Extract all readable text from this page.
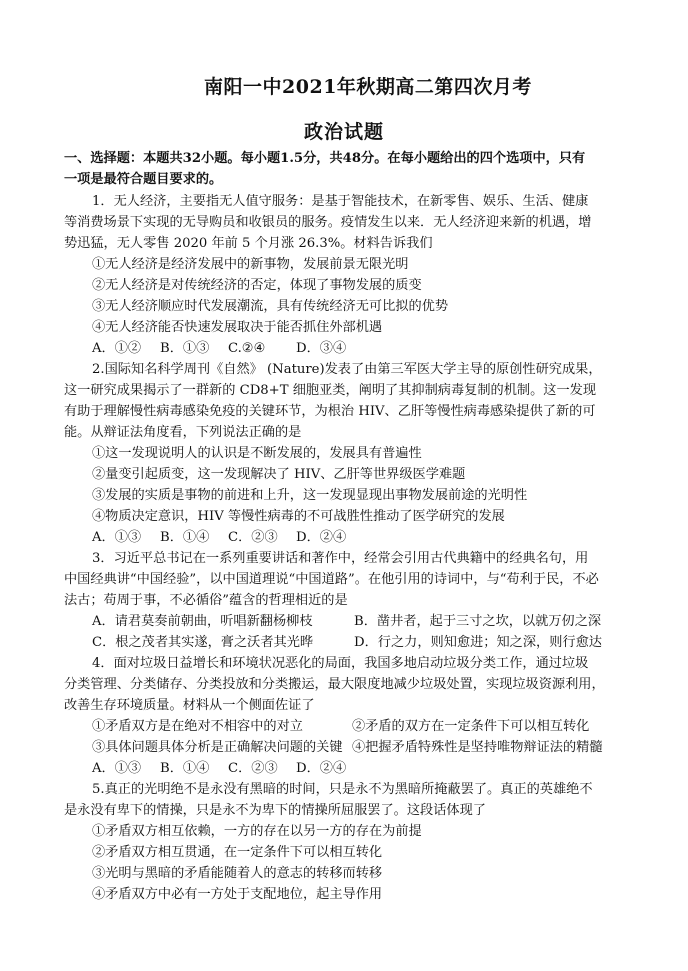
南阳一中2021年秋期高二第四次月考
政治试题
一、选择题：本题共32小题。每小题1.5分，共48分。在每小题给出的四个选项中，只有
一项是最符合题目要求的。
1．无人经济，主要指无人值守服务：是基于智能技术，在新零售、娱乐、生活、健康
等消费场景下实现的无导购员和收银员的服务。疫情发生以来．无人经济迎来新的机遇，增
势迅猛，无人零售 2020 年前 5 个月涨 26.3%。材料告诉我们
①无人经济是经济发展中的新事物，发展前景无限光明
②无人经济是对传统经济的否定，体现了事物发展的质变
③无人经济顺应时代发展潮流，具有传统经济无可比拟的优势
④无人经济能否快速发展取决于能否抓住外部机遇
A．①② B．①③ C.②④ D．③④
2.国际知名科学周刊《自然》 (Nature)发表了由第三军医大学主导的原创性研究成果，
这一研究成果揭示了一群新的 CD8+T 细胞亚类，阐明了其抑制病毒复制的机制。这一发现
有助于理解慢性病毒感染免疫的关键环节，为根治 HIV、乙肝等慢性病毒感染提供了新的可
能。从辩证法角度看，下列说法正确的是
①这一发现说明人的认识是不断发展的，发展具有普遍性
②量变引起质变，这一发现解决了 HIV、乙肝等世界级医学难题
③发展的实质是事物的前进和上升，这一发现显现出事物发展前途的光明性
④物质决定意识，HIV 等慢性病毒的不可战胜性推动了医学研究的发展
A．①③ B．①④ C．②③ D．②④
3．习近平总书记在一系列重要讲话和著作中，经常会引用古代典籍中的经典名句，用
中国经典讲“中国经验”，以中国道理说“中国道路”。在他引用的诗词中，与“苟利于民，不必
法古；苟周于事，不必循俗”蕴含的哲理相近的是
A．请君莫奏前朝曲，听唱新翻杨柳枝	B．凿井者，起于三寸之坎，以就万仞之深
C．根之茂者其实遂，膏之沃者其光晔	D．行之力，则知愈进；知之深，则行愈达
4．面对垃圾日益增长和环境状况恶化的局面，我国多地启动垃圾分类工作，通过垃圾
分类管理、分类储存、分类投放和分类搬运，最大限度地减少垃圾处置，实现垃圾资源利用，
改善生存环境质量。材料从一个侧面佐证了
①矛盾双方是在绝对不相容中的对立	②矛盾的双方在一定条件下可以相互转化
③具体问题具体分析是正确解决问题的关键 ④把握矛盾特殊性是坚持唯物辩证法的精髓
A．①③ B．①④ C．②③ D．②④
5.真正的光明绝不是永没有黑暗的时间，只是永不为黑暗所掩蔽罢了。真正的英雄绝不
是永没有卑下的情操，只是永不为卑下的情操所屈服罢了。这段话体现了
①矛盾双方相互依赖，一方的存在以另一方的存在为前提
②矛盾双方相互贯通，在一定条件下可以相互转化
③光明与黑暗的矛盾能随着人的意志的转移而转移
④矛盾双方中必有一方处于支配地位，起主导作用
